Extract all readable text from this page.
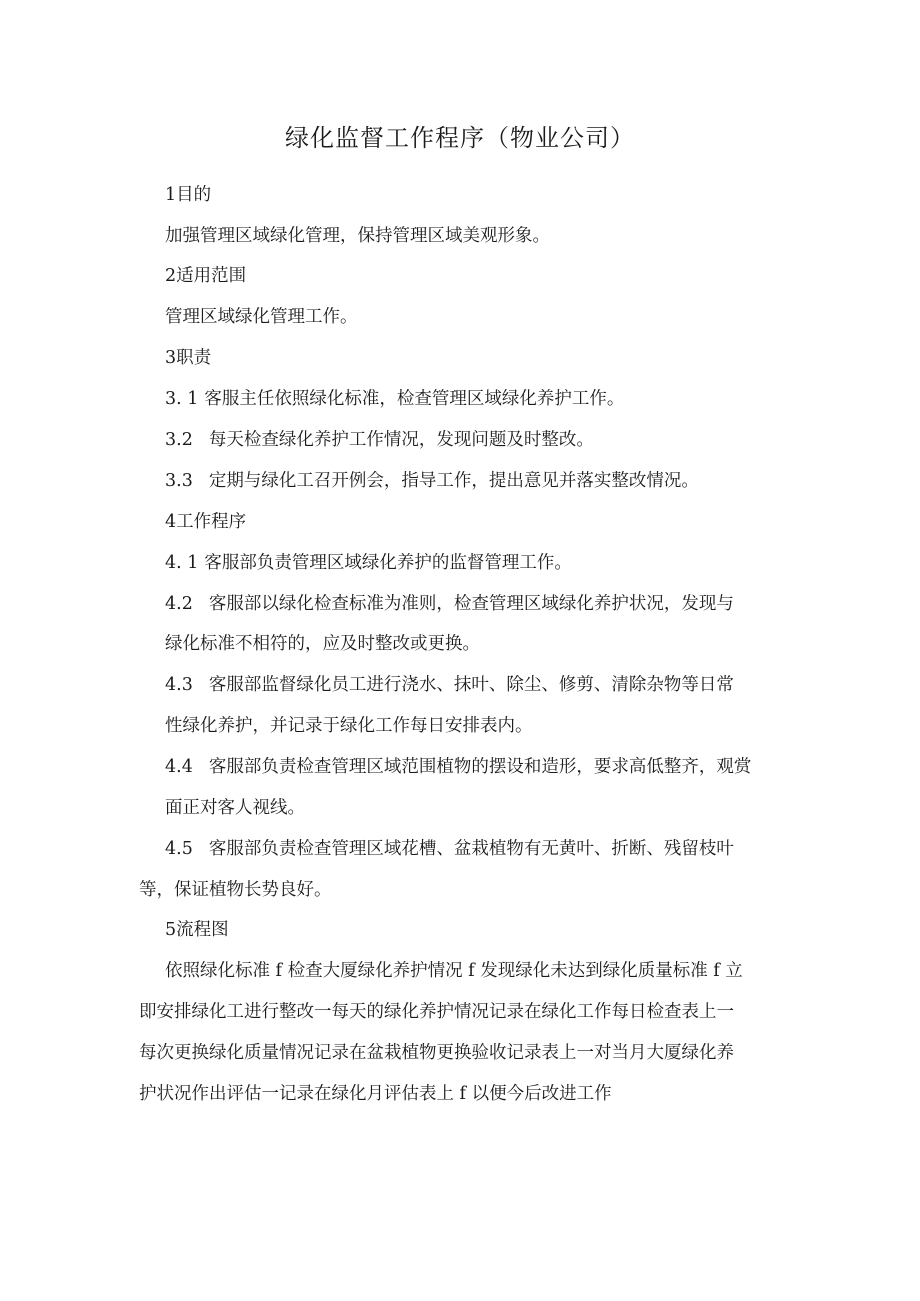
绿化监督工作程序（物业公司）
1目的
加强管理区域绿化管理，保持管理区域美观形象。
2适用范围
管理区域绿化管理工作。
3职责
3. 1 客服主任依照绿化标准，检查管理区域绿化养护工作。
3.2 每天检查绿化养护工作情况，发现问题及时整改。
3.3 定期与绿化工召开例会，指导工作，提出意见并落实整改情况。
4工作程序
4. 1 客服部负责管理区域绿化养护的监督管理工作。
4.2 客服部以绿化检查标准为准则，检查管理区域绿化养护状况，发现与
绿化标准不相符的，应及时整改或更换。
4.3 客服部监督绿化员工进行浇水、抹叶、除尘、修剪、清除杂物等日常
性绿化养护，并记录于绿化工作每日安排表内。
4.4 客服部负责检查管理区域范围植物的摆设和造形，要求高低整齐，观赏
面正对客人视线。
4.5 客服部负责检查管理区域花槽、盆栽植物有无黄叶、折断、残留枝叶
等，保证植物长势良好。
5流程图
依照绿化标准 f 检查大厦绿化养护情况 f 发现绿化未达到绿化质量标准 f 立
即安排绿化工进行整改一每天的绿化养护情况记录在绿化工作每日检查表上一
每次更换绿化质量情况记录在盆栽植物更换验收记录表上一对当月大厦绿化养
护状况作出评估一记录在绿化月评估表上 f 以便今后改进工作
